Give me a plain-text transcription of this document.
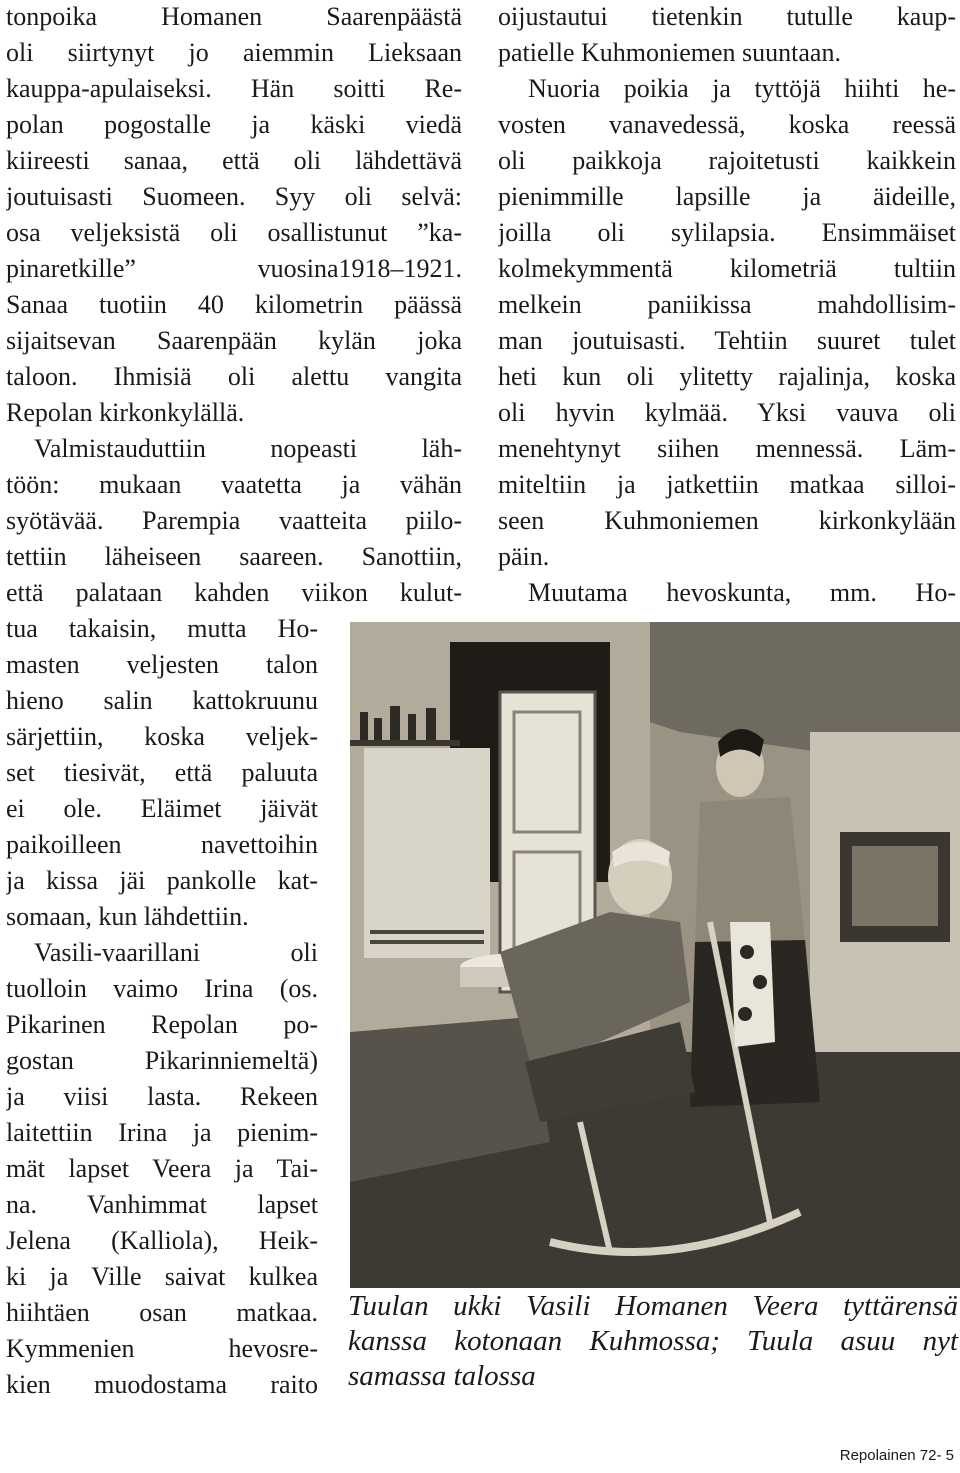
tonpoika Homanen Saarenpäästä
oli siirtynyt jo aiemmin Lieksaan
kauppa-apulaiseksi. Hän soitti Re-
polan pogostalle ja käski viedä
kiireesti sanaa, että oli lähdettävä
joutuisasti Suomeen. Syy oli selvä:
osa veljeksistä oli osallistunut ”ka-
pinaretkille” vuosina1918–1921.
Sanaa tuotiin 40 kilometrin päässä
sijaitsevan Saarenpään kylän joka
taloon. Ihmisiä oli alettu vangita
Repolan kirkonkylällä.
Valmistauduttiin nopeasti läh-
töön: mukaan vaatetta ja vähän
syötävää. Parempia vaatteita piilo-
tettiin läheiseen saareen. Sanottiin,
että palataan kahden viikon kulut-
tua takaisin, mutta Ho-
masten veljesten talon
hieno salin kattokruunu
särjettiin, koska veljek-
set tiesivät, että paluuta
ei ole. Eläimet jäivät
paikoilleen navettoihin
ja kissa jäi pankolle kat-
somaan, kun lähdettiin.
Vasili-vaarillani oli
tuolloin vaimo Irina (os.
Pikarinen Repolan po-
gostan Pikarinniemeltä)
ja viisi lasta. Rekeen
laitettiin Irina ja pienim-
mät lapset Veera ja Tai-
na. Vanhimmat lapset
Jelena (Kalliola), Heik-
ki ja Ville saivat kulkea
hiihtäen osan matkaa.
Kymmenien hevosre-
kien muodostama raito
oijustautui tietenkin tutulle kaup-
patielle Kuhmoniemen suuntaan.
Nuoria poikia ja tyttöjä hiihti he-
vosten vanavedessä, koska reessä
oli paikkoja rajoitetusti kaikkein
pienimmille lapsille ja äideille,
joilla oli sylilapsia. Ensimmäiset
kolmekymmentä kilometriä tultiin
melkein paniikissa mahdollisim-
man joutuisasti. Tehtiin suuret tulet
heti kun oli ylitetty rajalinja, koska
oli hyvin kylmää. Yksi vauva oli
menehtynyt siihen mennessä. Läm-
miteltiin ja jatkettiin matkaa silloi-
seen Kuhmoniemen kirkonkylään
päin.
Muutama hevoskunta, mm. Ho-
Tuulan ukki Vasili Homanen Veera tyttärensä
kanssa kotonaan Kuhmossa; Tuula asuu nyt
samassa talossa
Repolainen 72- 5
